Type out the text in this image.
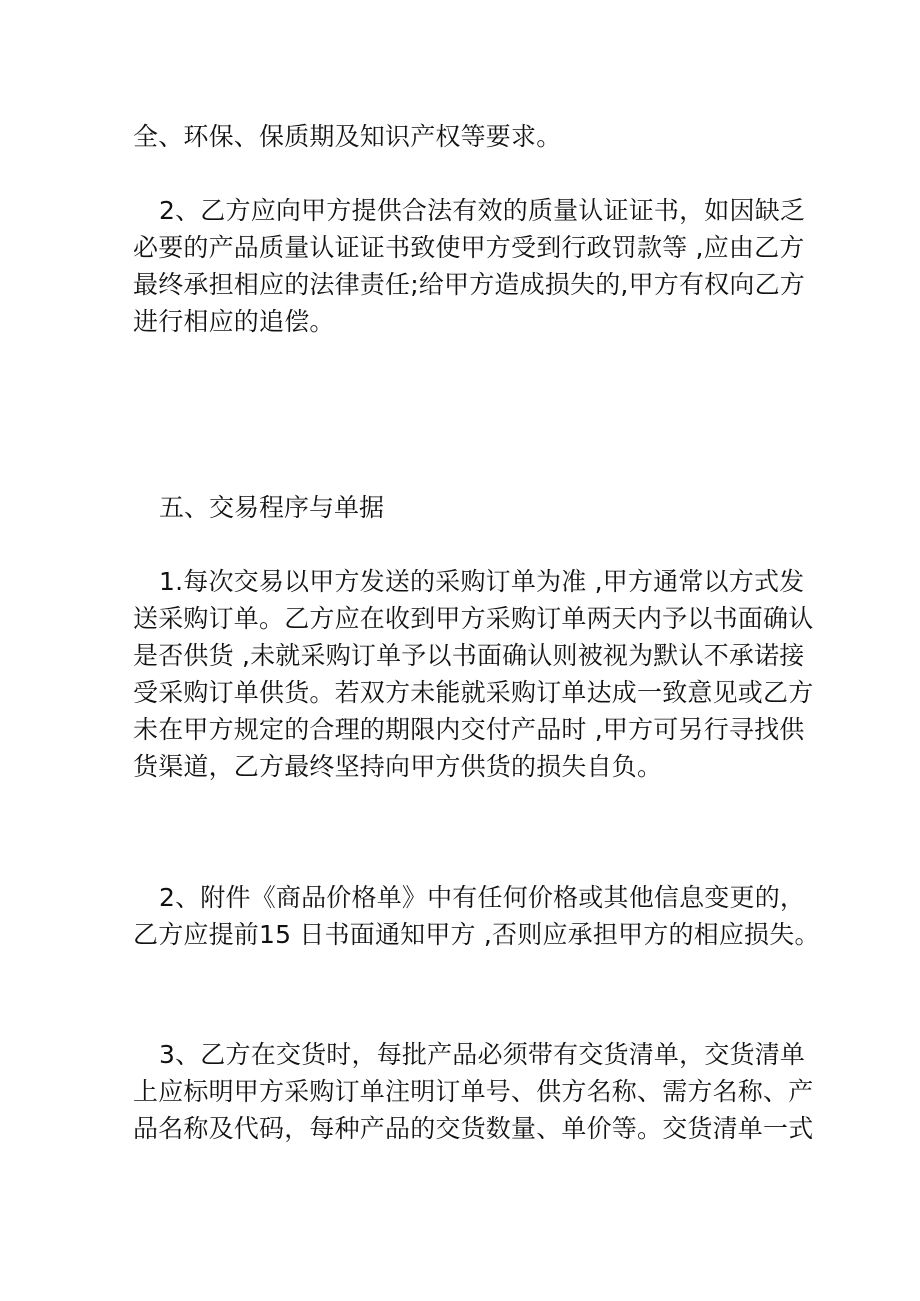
全、环保、保质期及知识产权等要求。
2、乙方应向甲方提供合法有效的质量认证证书，如因缺乏
必要的产品质量认证证书致使甲方受到行政罚款等 ,应由乙方
最终承担相应的法律责任;给甲方造成损失的,甲方有权向乙方
进行相应的追偿。
五、交易程序与单据
1.每次交易以甲方发送的采购订单为准 ,甲方通常以方式发
送采购订单。乙方应在收到甲方采购订单两天内予以书面确认
是否供货 ,未就采购订单予以书面确认则被视为默认不承诺接
受采购订单供货。若双方未能就采购订单达成一致意见或乙方
未在甲方规定的合理的期限内交付产品时 ,甲方可另行寻找供
货渠道，乙方最终坚持向甲方供货的损失自负。
2、附件《商品价格单》中有任何价格或其他信息变更的，
乙方应提前15 日书面通知甲方 ,否则应承担甲方的相应损失。
3、乙方在交货时，每批产品必须带有交货清单，交货清单
上应标明甲方采购订单注明订单号、供方名称、需方名称、产
品名称及代码，每种产品的交货数量、单价等。交货清单一式
